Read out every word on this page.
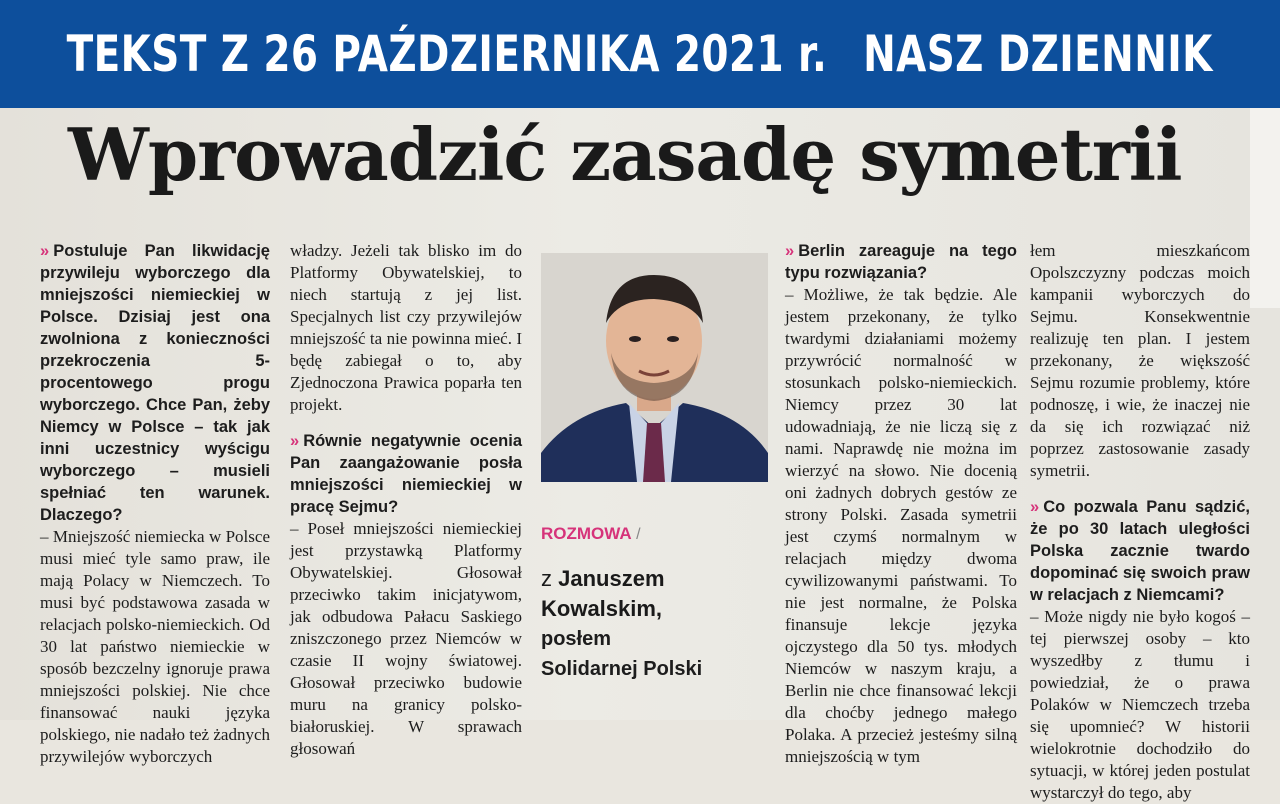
TEKST Z 26 PAŹDZIERNIKA 2021 r. NASZ DZIENNIK
Wprowadzić zasadę symetrii

» Postuluje Pan likwidację przywileju wyborczego dla mniejszości niemieckiej w Polsce. Dzisiaj jest ona zwolniona z konieczności przekroczenia 5-procentowego progu wyborczego. Chce Pan, żeby Niemcy w Polsce – tak jak inni uczestnicy wyścigu wyborczego – musieli spełniać ten warunek. Dlaczego?

– Mniejszość niemiecka w Polsce musi mieć tyle samo praw, ile mają Polacy w Niemczech. To musi być podstawowa zasada w relacjach polsko-niemieckich. Od 30 lat państwo niemieckie w sposób bezczelny ignoruje prawa mniejszości polskiej. Nie chce finansować nauki języka polskiego, nie nadało też żadnych przywilejów wyborczych

władzy. Jeżeli tak blisko im do Platformy Obywatelskiej, to niech startują z jej list. Specjalnych list czy przywilejów mniejszość ta nie powinna mieć. I będę zabiegał o to, aby Zjednoczona Prawica poparła ten projekt.

» Równie negatywnie ocenia Pan zaangażowanie posła mniejszości niemieckiej w pracę Sejmu?

– Poseł mniejszości niemieckiej jest przystawką Platformy Obywatelskiej. Głosował przeciwko takim inicjatywom, jak odbudowa Pałacu Saskiego zniszczonego przez Niemców w czasie II wojny światowej. Głosował przeciwko budowie muru na granicy polsko-białoruskiej. W sprawach głosowań

ROZMOWA /
z Januszem
Kowalskim,
posłem
Solidarnej Polski

» Berlin zareaguje na tego typu rozwiązania?

– Możliwe, że tak będzie. Ale jestem przekonany, że tylko twardymi działaniami możemy przywrócić normalność w stosunkach polsko-niemieckich. Niemcy przez 30 lat udowadniają, że nie liczą się z nami. Naprawdę nie można im wierzyć na słowo. Nie docenią oni żadnych dobrych gestów ze strony Polski. Zasada symetrii jest czymś normalnym w relacjach między dwoma cywilizowanymi państwami. To nie jest normalne, że Polska finansuje lekcje języka ojczystego dla 50 tys. młodych Niemców w naszym kraju, a Berlin nie chce finansować lekcji dla choćby jednego małego Polaka. A przecież jesteśmy silną mniejszością w tym

łem mieszkańcom Opolszczyzny podczas moich kampanii wyborczych do Sejmu. Konsekwentnie realizuję ten plan. I jestem przekonany, że większość Sejmu rozumie problemy, które podnoszę, i wie, że inaczej nie da się ich rozwiązać niż poprzez zastosowanie zasady symetrii.

» Co pozwala Panu sądzić, że po 30 latach uległości Polska zacznie twardo dopominać się swoich praw w relacjach z Niemcami?

– Może nigdy nie było kogoś – tej pierwszej osoby – kto wyszedłby z tłumu i powiedział, że o prawa Polaków w Niemczech trzeba się upomnieć? W historii wielokrotnie dochodziło do sytuacji, w której jeden postulat wystarczył do tego, aby
